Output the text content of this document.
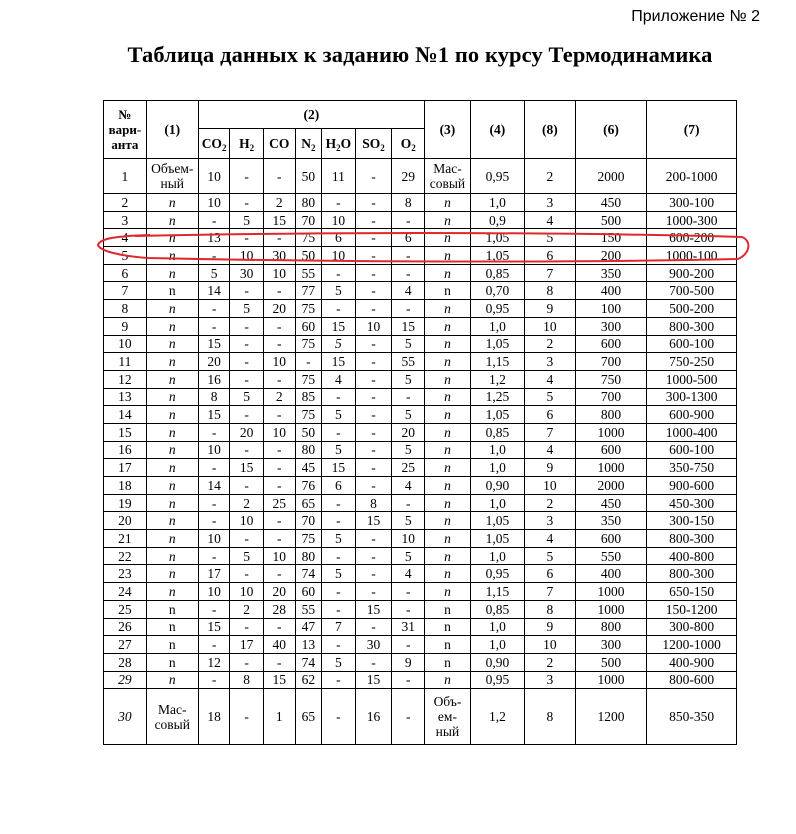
Приложение № 2
Таблица данных к заданию №1 по курсу Термодинамика
№ вари- анта	(1)	(2)							(3)	(4)	(8)	(6)	(7)
		$CO_2$	$H_2$	CO	$N_2$	$H_2O$	$SO_2$	$O_2$
1	Объем- ный	10	-	-	50	11	-	29	Мас- совый	0,95	2	2000	200-1000
2	n	10	-	2	80	-	-	8	n	1,0	3	450	300-100
3	n	-	5	15	70	10	-	-	n	0,9	4	500	1000-300
4	n	13	-	-	75	6	-	6	n	1,05	5	150	600-200
5	n	-	10	30	50	10	-	-	n	1,05	6	200	1000-100
6	n	5	30	10	55	-	-	-	n	0,85	7	350	900-200
7	n	14	-	-	77	5	-	4	n	0,70	8	400	700-500
8	n	-	5	20	75	-	-	-	n	0,95	9	100	500-200
9	n	-	-	-	60	15	10	15	n	1,0	10	300	800-300
10	n	15	-	-	75	5	-	5	n	1,05	2	600	600-100
11	n	20	-	10	-	15	-	55	n	1,15	3	700	750-250
12	n	16	-	-	75	4	-	5	n	1,2	4	750	1000-500
13	n	8	5	2	85	-	-	-	n	1,25	5	700	300-1300
14	n	15	-	-	75	5	-	5	n	1,05	6	800	600-900
15	n	-	20	10	50	-	-	20	n	0,85	7	1000	1000-400
16	n	10	-	-	80	5	-	5	n	1,0	4	600	600-100
17	n	-	15	-	45	15	-	25	n	1,0	9	1000	350-750
18	n	14	-	-	76	6	-	4	n	0,90	10	2000	900-600
19	n	-	2	25	65	-	8	-	n	1,0	2	450	450-300
20	n	-	10	-	70	-	15	5	n	1,05	3	350	300-150
21	n	10	-	-	75	5	-	10	n	1,05	4	600	800-300
22	n	-	5	10	80	-	-	5	n	1,0	5	550	400-800
23	n	17	-	-	74	5	-	4	n	0,95	6	400	800-300
24	n	10	10	20	60	-	-	-	n	1,15	7	1000	650-150
25	n	-	2	28	55	-	15	-	n	0,85	8	1000	150-1200
26	n	15	-	-	47	7	-	31	n	1,0	9	800	300-800
27	n	-	17	40	13	-	30	-	n	1,0	10	300	1200-1000
28	n	12	-	-	74	5	-	9	n	0,90	2	500	400-900
29	n	-	8	15	62	-	15	-	n	0,95	3	1000	800-600
30	Мас- совый	18	-	1	65	-	16	-	Объ- ем- ный	1,2	8	1200	850-350
